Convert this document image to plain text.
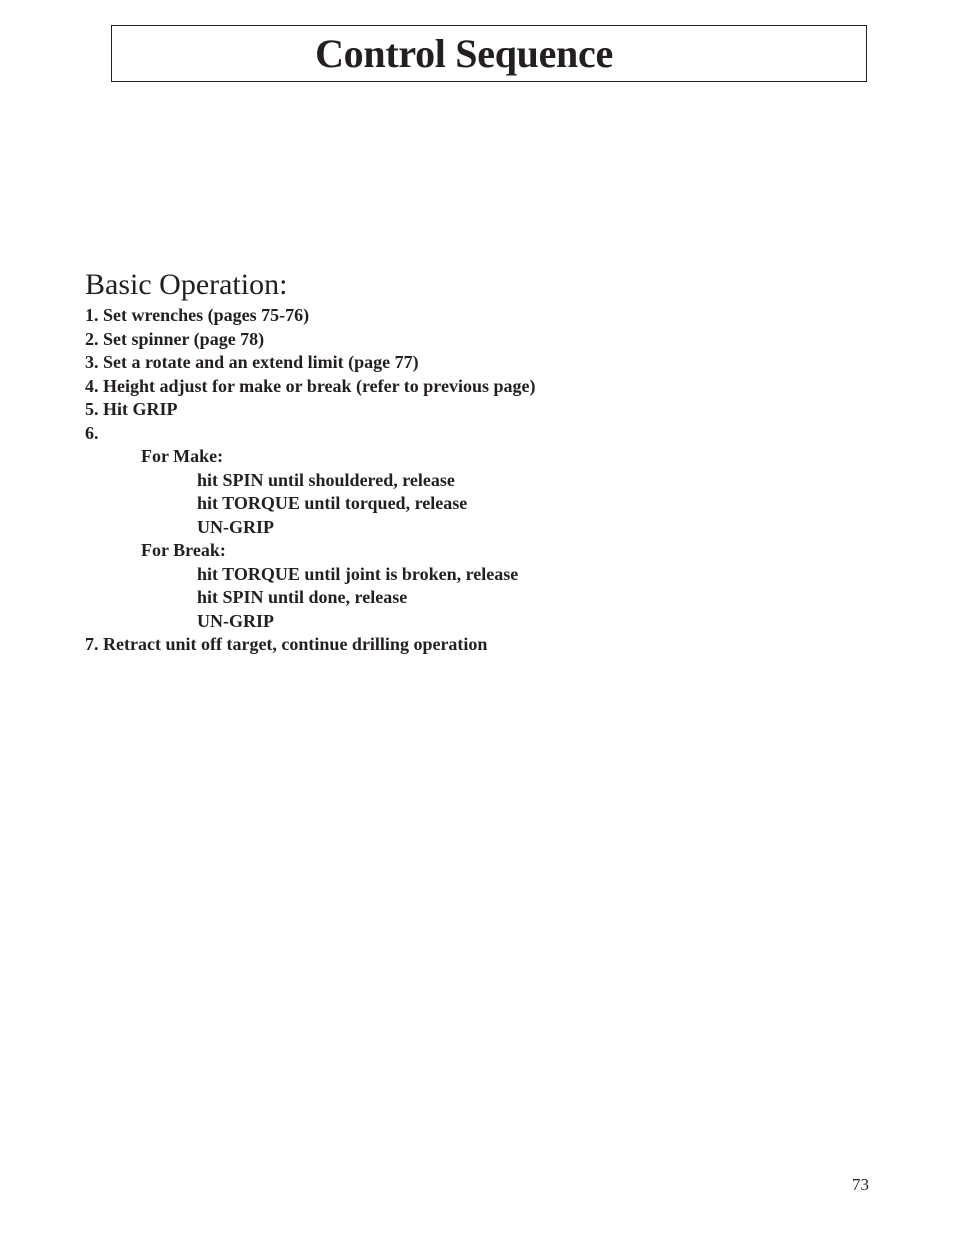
Control Sequence
Basic Operation:
1. Set wrenches (pages 75-76)
2. Set spinner (page 78)
3. Set a rotate and an extend limit (page 77)
4. Height adjust for make or break (refer to previous page)
5. Hit GRIP
6.
For Make:
hit SPIN until shouldered, release
hit TORQUE until torqued, release
UN-GRIP
For Break:
hit TORQUE until joint is broken, release
hit SPIN until done, release
UN-GRIP
7. Retract unit off target, continue drilling operation
73
